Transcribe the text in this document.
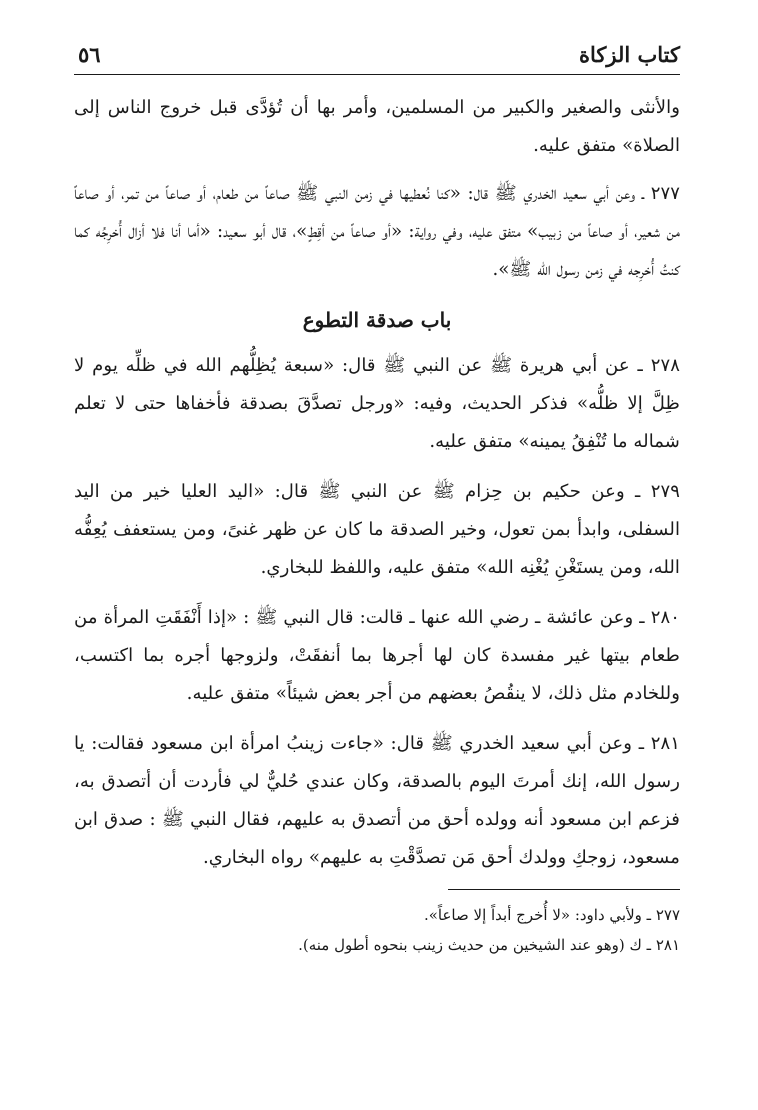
كتاب الزكاة
٥٦

والأنثى والصغير والكبير من المسلمين، وأمر بها أن تُؤدَّى قبل خروج الناس إلى الصلاة» متفق عليه.

٢٧٧ ـ وعن أبي سعيد الخدري ﷺ قال: «كنا نُعطيها في زمن النبي ﷺ صاعاً من طعام، أو صاعاً من تمر، أو صاعاً من شعير، أو صاعاً من زبيب» متفق عليه، وفي رواية: «أو صاعاً من أقِطٍ»، قال أبو سعيد: «أما أنا فلا أزال أُخرِجُه كما كنتُ أُخرِجه في زمن رسول الله ﷺ».

باب صدقة التطوع

٢٧٨ ـ عن أبي هريرة ﷺ عن النبي ﷺ قال: «سبعة يُظِلُّهم الله في ظلِّه يوم لا ظِلَّ إلا ظلُّه» فذكر الحديث، وفيه: «ورجل تصدَّقَ بصدقة فأخفاها حتى لا تعلم شماله ما تُنْفِقُ يمينه» متفق عليه.

٢٧٩ ـ وعن حكيم بن حِزام ﷺ عن النبي ﷺ قال: «اليد العليا خير من اليد السفلى، وابدأ بمن تعول، وخير الصدقة ما كان عن ظهر غنىً، ومن يستعفف يُعِفُّه الله، ومن يستَغْنِ يُغْنِه الله» متفق عليه، واللفظ للبخاري.

٢٨٠ ـ وعن عائشة ـ رضي الله عنها ـ قالت: قال النبي ﷺ : «إذا أَنْفَقَتِ المرأة من طعام بيتها غير مفسدة كان لها أجرها بما أنفقَتْ، ولزوجها أجره بما اكتسب، وللخادم مثل ذلك، لا ينقُصُ بعضهم من أجر بعض شيئاً» متفق عليه.

٢٨١ ـ وعن أبي سعيد الخدري ﷺ قال: «جاءت زينبُ امرأة ابن مسعود فقالت: يا رسول الله، إنك أمرتَ اليوم بالصدقة، وكان عندي حُليٌّ لي فأردت أن أتصدق به، فزعم ابن مسعود أنه وولده أحق من أتصدق به عليهم، فقال النبي ﷺ : صدق ابن مسعود، زوجكِ وولدك أحق مَن تصدَّقْتِ به عليهم» رواه البخاري.

٢٧٧ ـ ولأبي داود: «لا أُخرج أبداً إلا صاعاً».

٢٨١ ـ ك (وهو عند الشيخين من حديث زينب بنحوه أطول منه).
